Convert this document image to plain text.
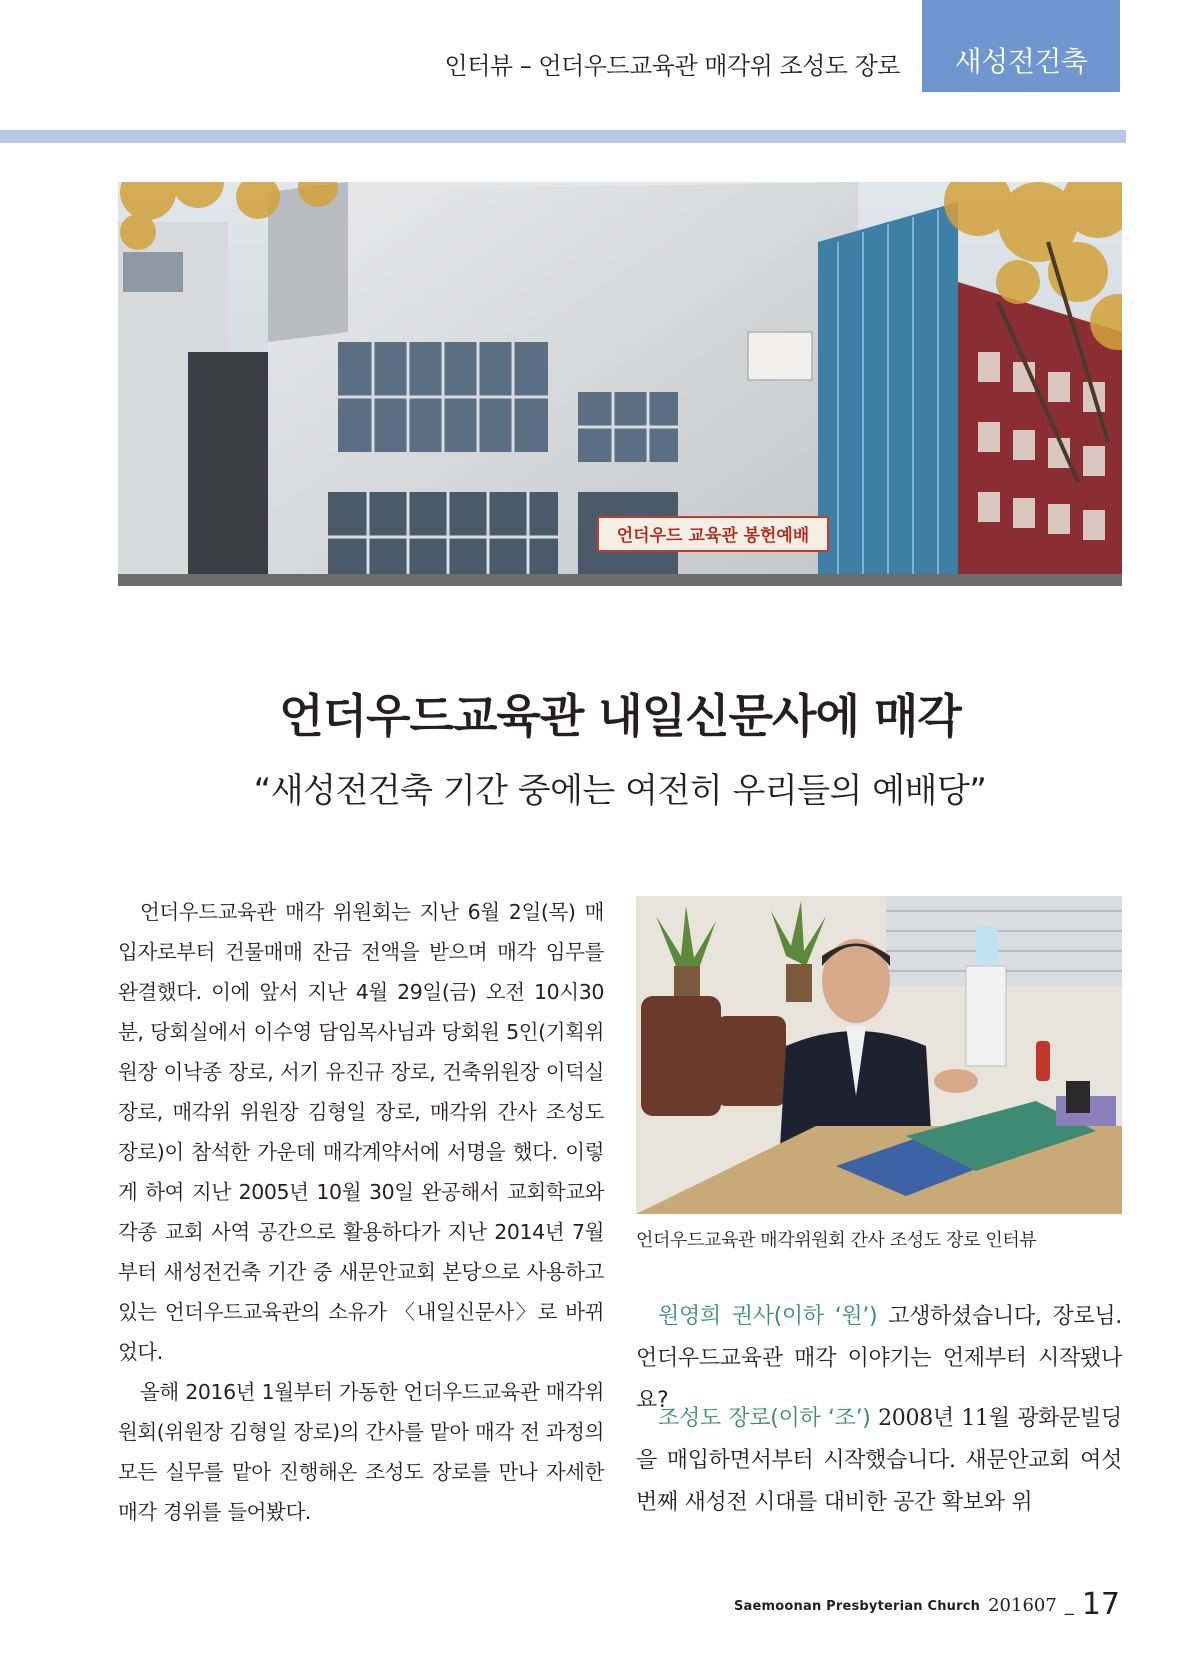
인터뷰 – 언더우드교육관 매각위 조성도 장로	새성전건축
언더우드 교육관 봉헌예배
언더우드교육관 내일신문사에 매각
“새성전건축 기간 중에는 여전히 우리들의 예배당”

언더우드교육관 매각 위원회는 지난 6월 2일(목) 매입자로부터 건물매매 잔금 전액을 받으며 매각 임무를 완결했다. 이에 앞서 지난 4월 29일(금) 오전 10시30분, 당회실에서 이수영 담임목사님과 당회원 5인(기획위원장 이낙종 장로, 서기 유진규 장로, 건축위원장 이덕실 장로, 매각위 위원장 김형일 장로, 매각위 간사 조성도 장로)이 참석한 가운데 매각계약서에 서명을 했다. 이렇게 하여 지난 2005년 10월 30일 완공해서 교회학교와 각종 교회 사역 공간으로 활용하다가 지난 2014년 7월부터 새성전건축 기간 중 새문안교회 본당으로 사용하고 있는 언더우드교육관의 소유가 〈내일신문사〉로 바뀌었다.

올해 2016년 1월부터 가동한 언더우드교육관 매각위원회(위원장 김형일 장로)의 간사를 맡아 매각 전 과정의 모든 실무를 맡아 진행해온 조성도 장로를 만나 자세한 매각 경위를 들어봤다.

언더우드교육관 매각위원회 간사 조성도 장로 인터뷰

원영희 권사(이하 ‘원’) 고생하셨습니다, 장로님. 언더우드교육관 매각 이야기는 언제부터 시작됐나요?

조성도 장로(이하 ‘조’) 2008년 11월 광화문빌딩을 매입하면서부터 시작했습니다. 새문안교회 여섯 번째 새성전 시대를 대비한 공간 확보와 위

Saemoonan Presbyterian Church 201607 _ 17
